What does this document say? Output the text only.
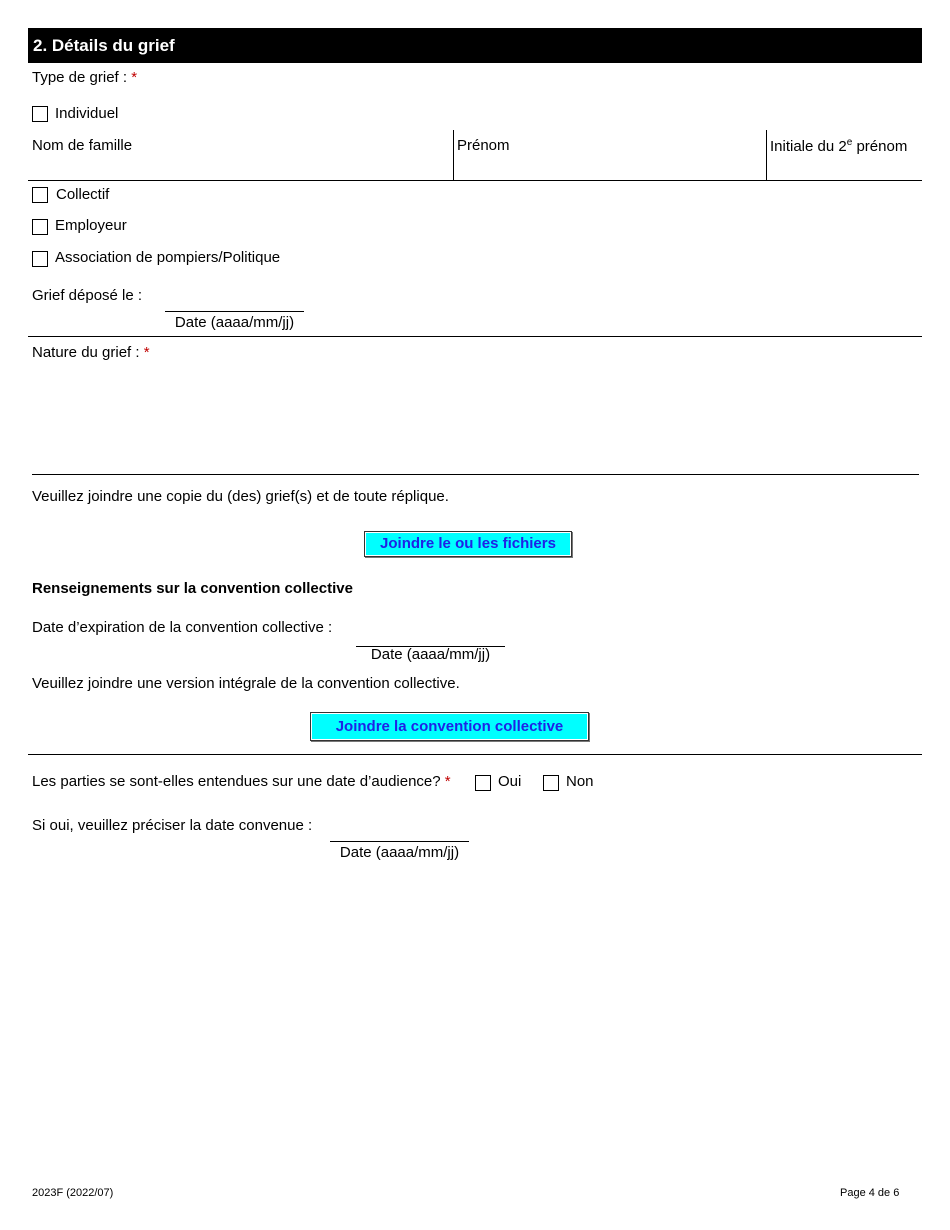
2. Détails du grief
Type de grief : *
Individuel
Nom de famille	Prénom	Initiale du 2e prénom
Collectif
Employeur
Association de pompiers/Politique
Grief déposé le :
Date (aaaa/mm/jj)
Nature du grief : *
Veuillez joindre une copie du (des) grief(s) et de toute réplique.
Joindre le ou les fichiers
Renseignements sur la convention collective
Date d’expiration de la convention collective :
Date (aaaa/mm/jj)
Veuillez joindre une version intégrale de la convention collective.
Joindre la convention collective
Les parties se sont-elles entendues sur une date d’audience? *	Oui	Non
Si oui, veuillez préciser la date convenue :
Date (aaaa/mm/jj)
2023F (2022/07)	Page 4 de 6
